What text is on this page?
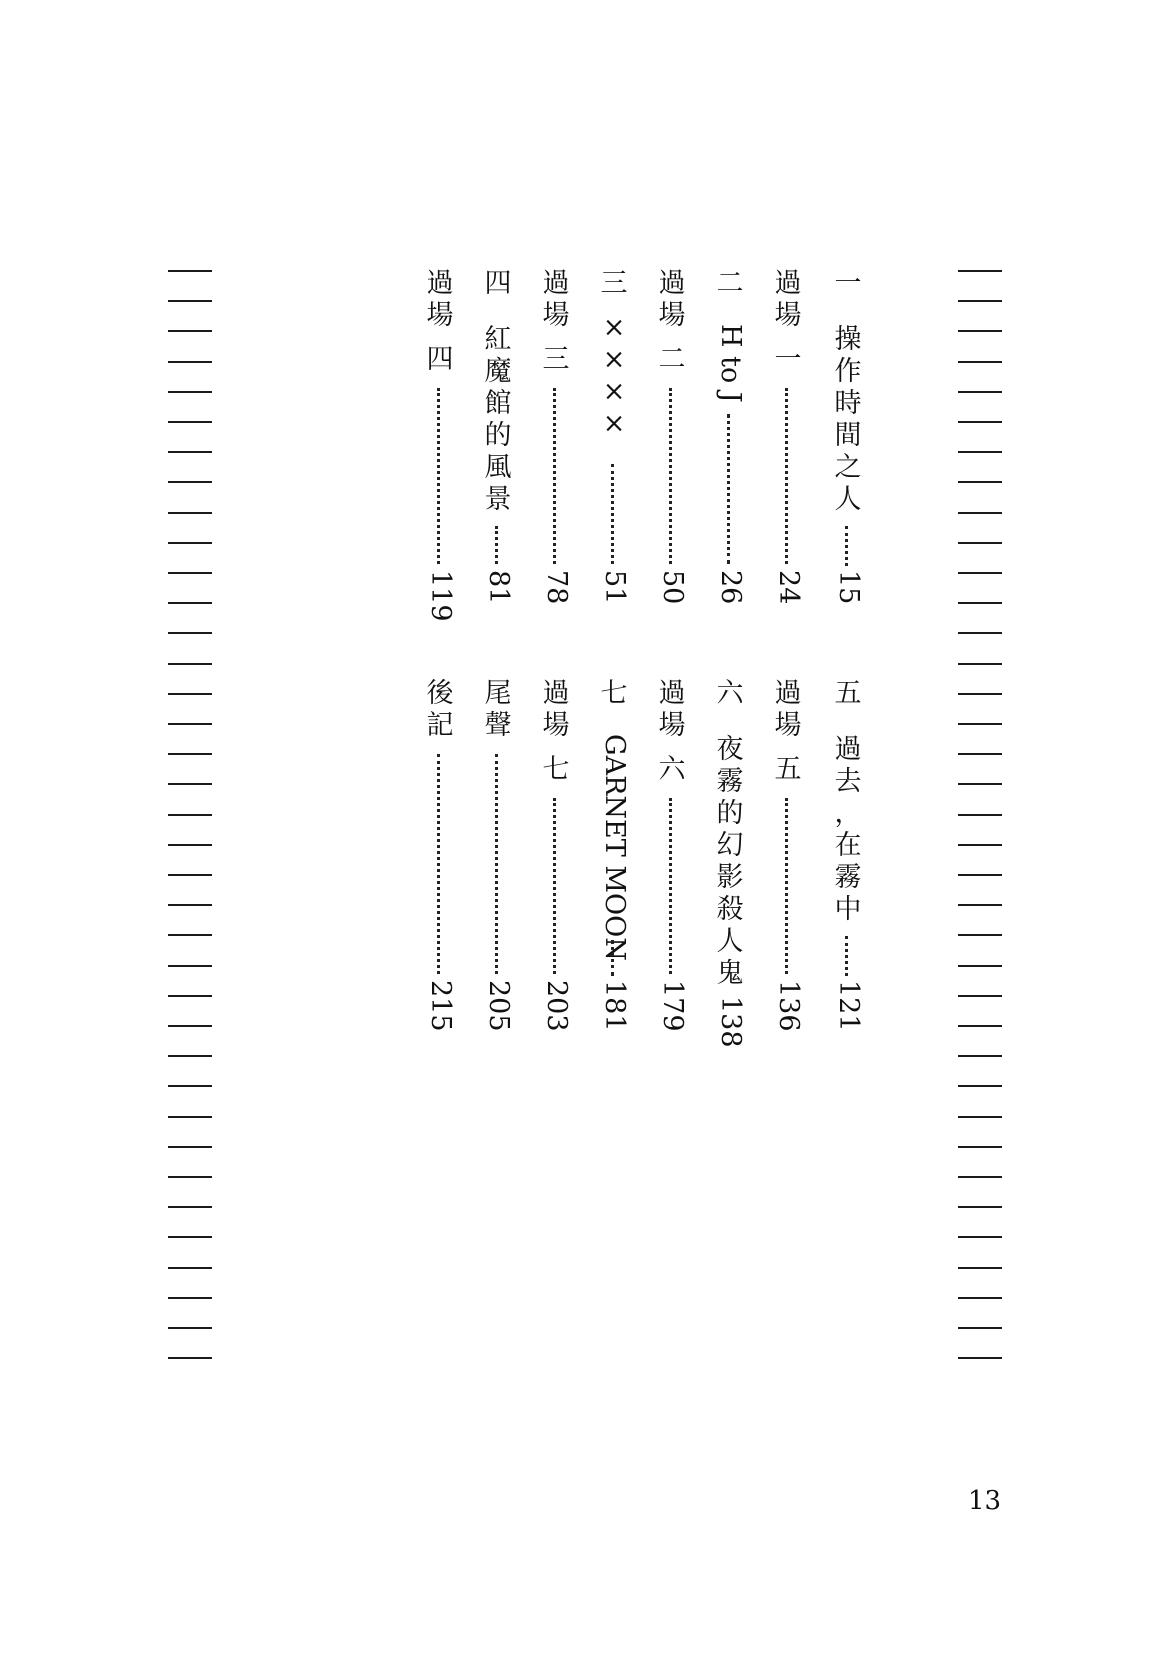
一
操
作
時
間
之
人
15
過
場
一
24
二
H to J
26
過
場
二
50
三
×
×
×
×
51
過
場
三
78
四
紅
魔
館
的
風
景
81
過
場
四
119
五
過
去
，
在
霧
中
121
過
場
五
136
六
夜
霧
的
幻
影
殺
人
鬼
138
過
場
六
179
七
GARNET MOON
181
過
場
七
203
尾
聲
205
後
記
215
13
